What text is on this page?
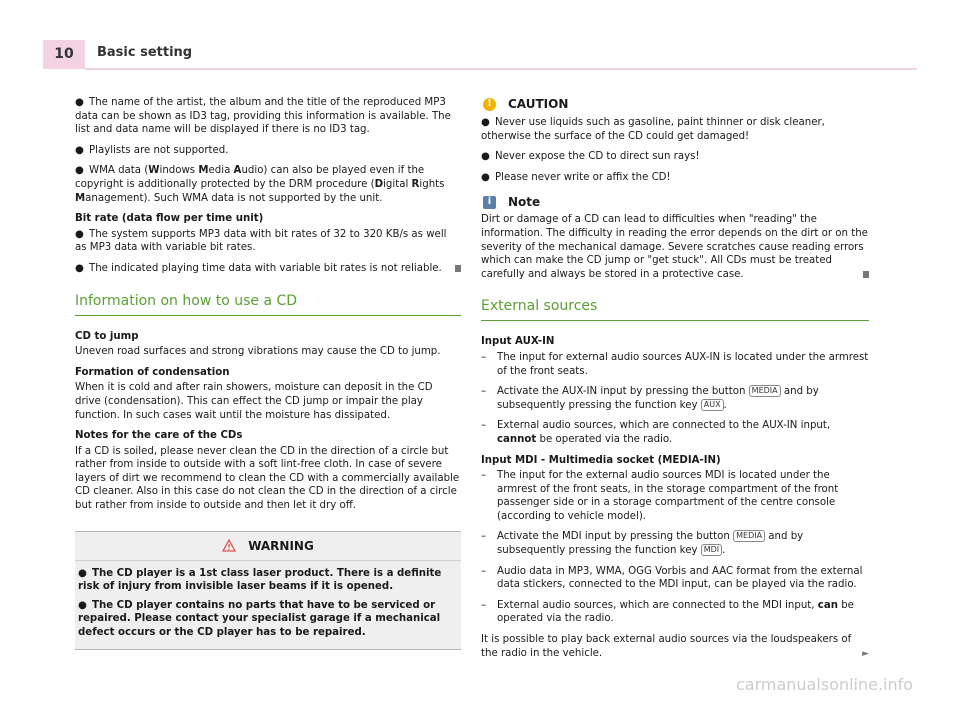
10	Basic setting

● The name of the artist, the album and the title of the reproduced MP3 data can be shown as ID3 tag, providing this information is available. The list and data name will be displayed if there is no ID3 tag.

● Playlists are not supported.

● WMA data (Windows Media Audio) can also be played even if the copyright is additionally protected by the DRM procedure (Digital Rights Management). Such WMA data is not supported by the unit.

Bit rate (data flow per time unit)

● The system supports MP3 data with bit rates of 32 to 320 KB/s as well as MP3 data with variable bit rates.

● The indicated playing time data with variable bit rates is not reliable.

Information on how to use a CD

CD to jump

Uneven road surfaces and strong vibrations may cause the CD to jump.

Formation of condensation

When it is cold and after rain showers, moisture can deposit in the CD drive (condensation). This can effect the CD jump or impair the play function. In such cases wait until the moisture has dissipated.

Notes for the care of the CDs

If a CD is soiled, please never clean the CD in the direction of a circle but rather from inside to outside with a soft lint-free cloth. In case of severe layers of dirt we recommend to clean the CD with a commercially available CD cleaner. Also in this case do not clean the CD in the direction of a circle but rather from inside to outside and then let it dry off.

WARNING

● The CD player is a 1st class laser product. There is a definite risk of injury from invisible laser beams if it is opened.

● The CD player contains no parts that have to be serviced or repaired. Please contact your specialist garage if a mechanical defect occurs or the CD player has to be repaired.

!	CAUTION

● Never use liquids such as gasoline, paint thinner or disk cleaner, otherwise the surface of the CD could get damaged!

● Never expose the CD to direct sun rays!

● Please never write or affix the CD!

i	Note

Dirt or damage of a CD can lead to difficulties when "reading" the information. The difficulty in reading the error depends on the dirt or on the severity of the mechanical damage. Severe scratches cause reading errors which can make the CD jump or "get stuck". All CDs must be treated carefully and always be stored in a protective case.

External sources

Input AUX-IN

– The input for external audio sources AUX-IN is located under the armrest of the front seats.
– Activate the AUX-IN input by pressing the button MEDIA and by subsequently pressing the function key AUX .
– External audio sources, which are connected to the AUX-IN input, cannot be operated via the radio.

Input MDI - Multimedia socket (MEDIA-IN)

– The input for the external audio sources MDI is located under the armrest of the front seats, in the storage compartment of the front passenger side or in a storage compartment of the centre console (according to vehicle model).
– Activate the MDI input by pressing the button MEDIA and by subsequently pressing the function key MDI .
– Audio data in MP3, WMA, OGG Vorbis and AAC format from the external data stickers, connected to the MDI input, can be played via the radio.
– External audio sources, which are connected to the MDI input, can be operated via the radio.

It is possible to play back external audio sources via the loudspeakers of the radio in the vehicle.	►

carmanualsonline.info
